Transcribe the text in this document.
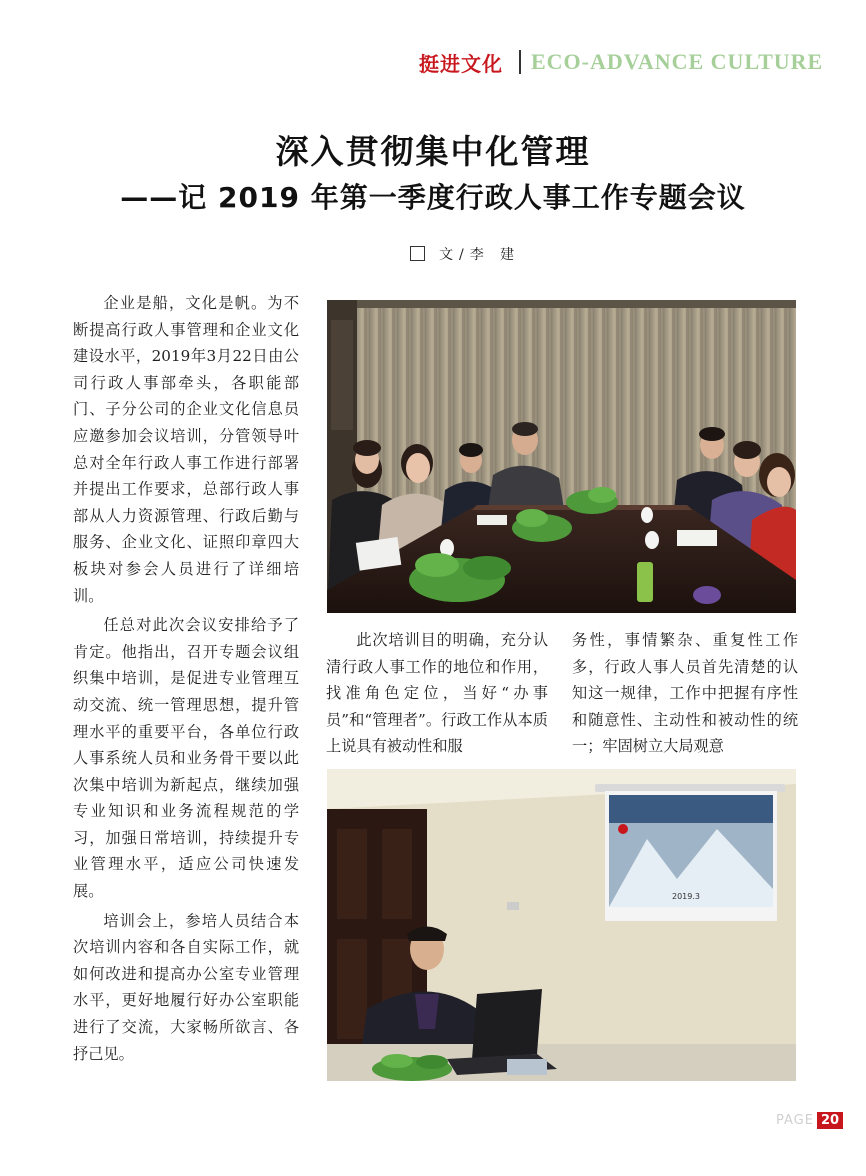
挺进文化 ECO-ADVANCE CULTURE
深入贯彻集中化管理
——记 2019 年第一季度行政人事工作专题会议
文/李 建

企业是船，文化是帆。为不断提高行政人事管理和企业文化建设水平，2019年3月22日由公司行政人事部牵头，各职能部门、子分公司的企业文化信息员应邀参加会议培训，分管领导叶总对全年行政人事工作进行部署并提出工作要求，总部行政人事部从人力资源管理、行政后勤与服务、企业文化、证照印章四大板块对参会人员进行了详细培训。

任总对此次会议安排给予了肯定。他指出，召开专题会议组织集中培训，是促进专业管理互动交流、统一管理思想，提升管理水平的重要平台，各单位行政人事系统人员和业务骨干要以此次集中培训为新起点，继续加强专业知识和业务流程规范的学习，加强日常培训，持续提升专业管理水平，适应公司快速发展。

培训会上，参培人员结合本次培训内容和各自实际工作，就如何改进和提高办公室专业管理水平，更好地履行好办公室职能进行了交流，大家畅所欲言、各抒己见。

此次培训目的明确，充分认清行政人事工作的地位和作用，找准角色定位，当好“办事员”和“管理者”。行政工作从本质上说具有被动性和服

务性，事情繁杂、重复性工作多，行政人事人员首先清楚的认知这一规律，工作中把握有序性和随意性、主动性和被动性的统一；牢固树立大局观意

2019.3
PAGE 20
